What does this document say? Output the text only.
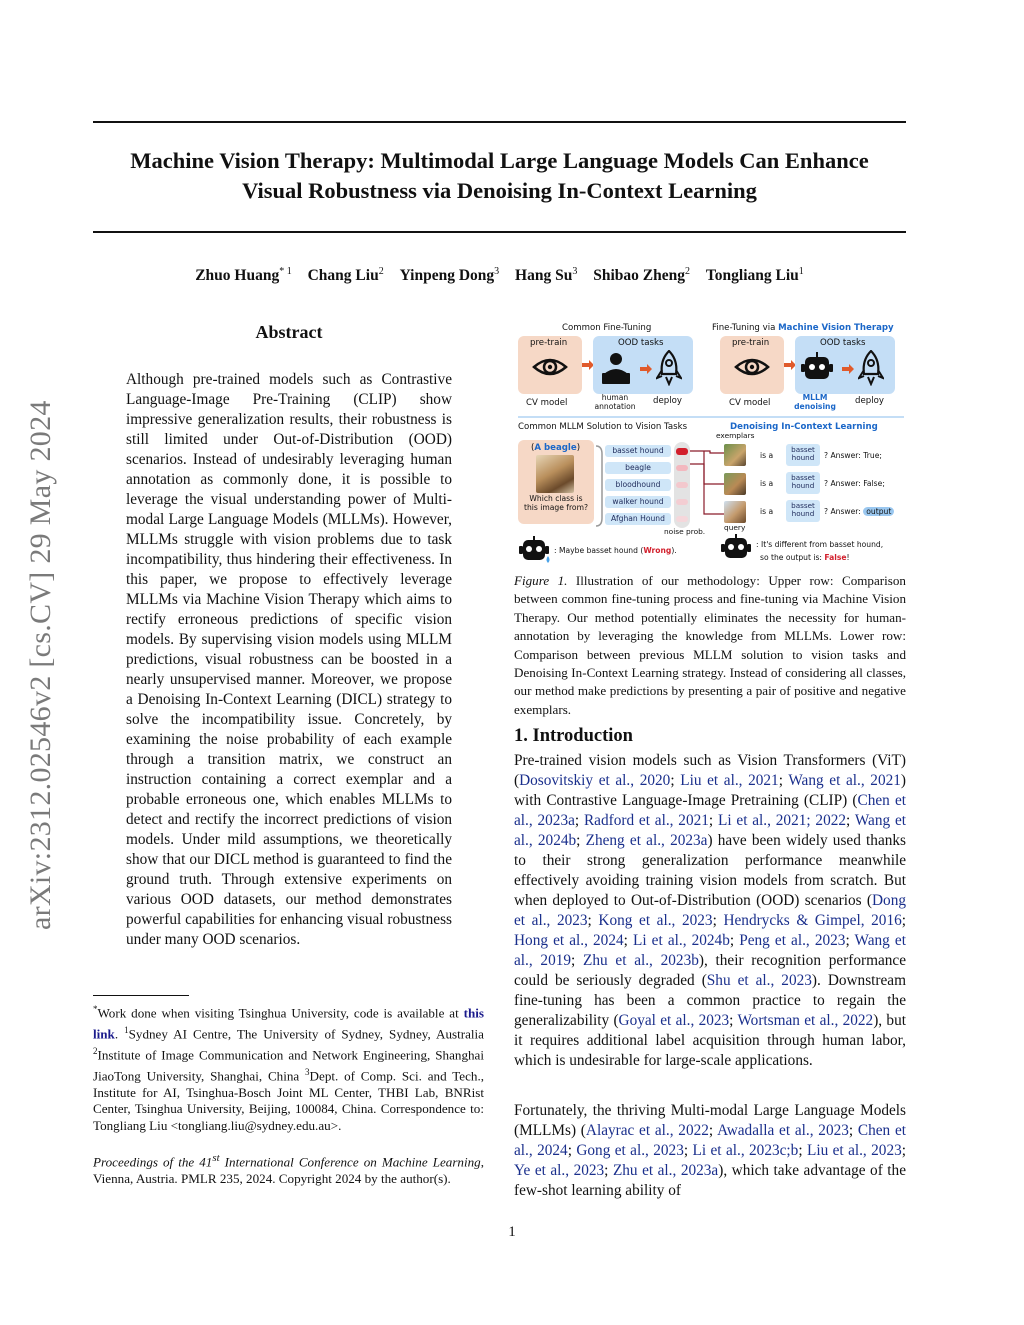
arXiv:2312.02546v2 [cs.CV] 29 May 2024
Machine Vision Therapy: Multimodal Large Language Models Can Enhance
Visual Robustness via Denoising In-Context Learning
Zhuo Huang$^{* 1}$ Chang Liu$^2$ Yinpeng Dong$^3$ Hang Su$^3$ Shibao Zheng$^2$ Tongliang Liu$^1$
Abstract
Although pre-trained models such as Contrastive Language-Image Pre-Training (CLIP) show impressive generalization results, their robustness is still limited under Out-of-Distribution (OOD) scenarios. Instead of undesirably leveraging human annotation as commonly done, it is possible to leverage the visual understanding power of Multi-modal Large Language Models (MLLMs). However, MLLMs struggle with vision problems due to task incompatibility, thus hindering their effectiveness. In this paper, we propose to effectively leverage MLLMs via Machine Vision Therapy which aims to rectify erroneous predictions of specific vision models. By supervising vision models using MLLM predictions, visual robustness can be boosted in a nearly unsupervised manner. Moreover, we propose a Denoising In-Context Learning (DICL) strategy to solve the incompatibility issue. Concretely, by examining the noise probability of each example through a transition matrix, we construct an instruction containing a correct exemplar and a probable erroneous one, which enables MLLMs to detect and rectify the incorrect predictions of vision models. Under mild assumptions, we theoretically show that our DICL method is guaranteed to find the ground truth. Through extensive experiments on various OOD datasets, our method demonstrates powerful capabilities for enhancing visual robustness under many OOD scenarios.
*Work done when visiting Tsinghua University, code is available at this link. $^1$Sydney AI Centre, The University of Sydney, Sydney, Australia $^2$Institute of Image Communication and Network Engineering, Shanghai JiaoTong University, Shanghai, China $^3$Dept. of Comp. Sci. and Tech., Institute for AI, Tsinghua-Bosch Joint ML Center, THBI Lab, BNRist Center, Tsinghua University, Beijing, 100084, China. Correspondence to: Tongliang Liu <tongliang.liu@sydney.edu.au>.
Proceedings of the 41st International Conference on Machine Learning, Vienna, Austria. PMLR 235, 2024. Copyright 2024 by the author(s).
Common Fine-Tuning	Fine-Tuning via Machine Vision Therapy
pre-train
CV model
OOD tasks
human
annotation deploy
pre-train
CV model
OOD tasks
MLLM
denoising deploy
Common MLLM Solution to Vision Tasks	Denoising In-Context Learning
(A beagle)
Which class is
this image from?
basset hound
beagle
bloodhound
walker hound
Afghan Hound
noise prob.
exemplars
query
is a
is a
is a
basset
hound
basset
hound
basset
hound
? Answer: True;
? Answer: False;
? Answer: output
: Maybe basset hound (Wrong).
: It's different from basset hound,
so the output is: False!
Figure 1. Illustration of our methodology: Upper row: Comparison between common fine-tuning process and fine-tuning via Machine Vision Therapy. Our method potentially eliminates the necessity for human-annotation by leveraging the knowledge from MLLMs. Lower row: Comparison between previous MLLM solution to vision tasks and Denoising In-Context Learning strategy. Instead of considering all classes, our method make predictions by presenting a pair of positive and negative exemplars.
1. Introduction
Pre-trained vision models such as Vision Transformers (ViT) (Dosovitskiy et al., 2020; Liu et al., 2021; Wang et al., 2021) with Contrastive Language-Image Pretraining (CLIP) (Chen et al., 2023a; Radford et al., 2021; Li et al., 2021; 2022; Wang et al., 2024b; Zheng et al., 2023a) have been widely used thanks to their strong generalization performance meanwhile effectively avoiding training vision models from scratch. But when deployed to Out-of-Distribution (OOD) scenarios (Dong et al., 2023; Kong et al., 2023; Hendrycks & Gimpel, 2016; Hong et al., 2024; Li et al., 2024b; Peng et al., 2023; Wang et al., 2019; Zhu et al., 2023b), their recognition performance could be seriously degraded (Shu et al., 2023). Downstream fine-tuning has been a common practice to regain the generalizability (Goyal et al., 2023; Wortsman et al., 2022), but it requires additional label acquisition through human labor, which is undesirable for large-scale applications.
Fortunately, the thriving Multi-modal Large Language Models (MLLMs) (Alayrac et al., 2022; Awadalla et al., 2023; Chen et al., 2024; Gong et al., 2023; Li et al., 2023c;b; Liu et al., 2023; Ye et al., 2023; Zhu et al., 2023a), which take advantage of the few-shot learning ability of
1
